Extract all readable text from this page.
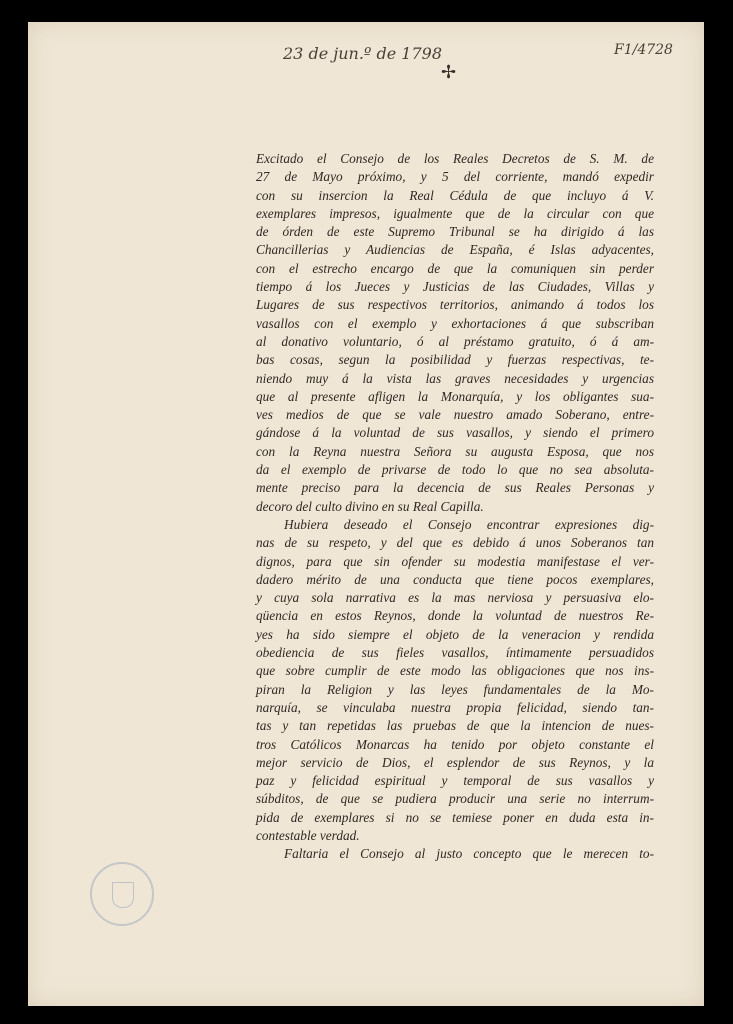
23 de jun.º de 1798	F1/4728
✢
Excitado el Consejo de los Reales Decretos de S. M. de
27 de Mayo próximo, y 5 del corriente, mandó expedir
con su insercion la Real Cédula de que incluyo á V.
exemplares impresos, igualmente que de la circular con que
de órden de este Supremo Tribunal se ha dirigido á las
Chancillerias y Audiencias de España, é Islas adyacentes,
con el estrecho encargo de que la comuniquen sin perder
tiempo á los Jueces y Justicias de las Ciudades, Villas y
Lugares de sus respectivos territorios, animando á todos los
vasallos con el exemplo y exhortaciones á que subscriban
al donativo voluntario, ó al préstamo gratuito, ó á am-
bas cosas, segun la posibilidad y fuerzas respectivas, te-
niendo muy á la vista las graves necesidades y urgencias
que al presente afligen la Monarquía, y los obligantes sua-
ves medios de que se vale nuestro amado Soberano, entre-
gándose á la voluntad de sus vasallos, y siendo el primero
con la Reyna nuestra Señora su augusta Esposa, que nos
da el exemplo de privarse de todo lo que no sea absoluta-
mente preciso para la decencia de sus Reales Personas y
decoro del culto divino en su Real Capilla.
Hubiera deseado el Consejo encontrar expresiones dig-
nas de su respeto, y del que es debido á unos Soberanos tan
dignos, para que sin ofender su modestia manifestase el ver-
dadero mérito de una conducta que tiene pocos exemplares,
y cuya sola narrativa es la mas nerviosa y persuasiva elo-
qüencia en estos Reynos, donde la voluntad de nuestros Re-
yes ha sido siempre el objeto de la veneracion y rendida
obediencia de sus fieles vasallos, íntimamente persuadidos
que sobre cumplir de este modo las obligaciones que nos ins-
piran la Religion y las leyes fundamentales de la Mo-
narquía, se vinculaba nuestra propia felicidad, siendo tan-
tas y tan repetidas las pruebas de que la intencion de nues-
tros Católicos Monarcas ha tenido por objeto constante el
mejor servicio de Dios, el esplendor de sus Reynos, y la
paz y felicidad espiritual y temporal de sus vasallos y
súbditos, de que se pudiera producir una serie no interrum-
pida de exemplares si no se temiese poner en duda esta in-
contestable verdad.
Faltaria el Consejo al justo concepto que le merecen to-
